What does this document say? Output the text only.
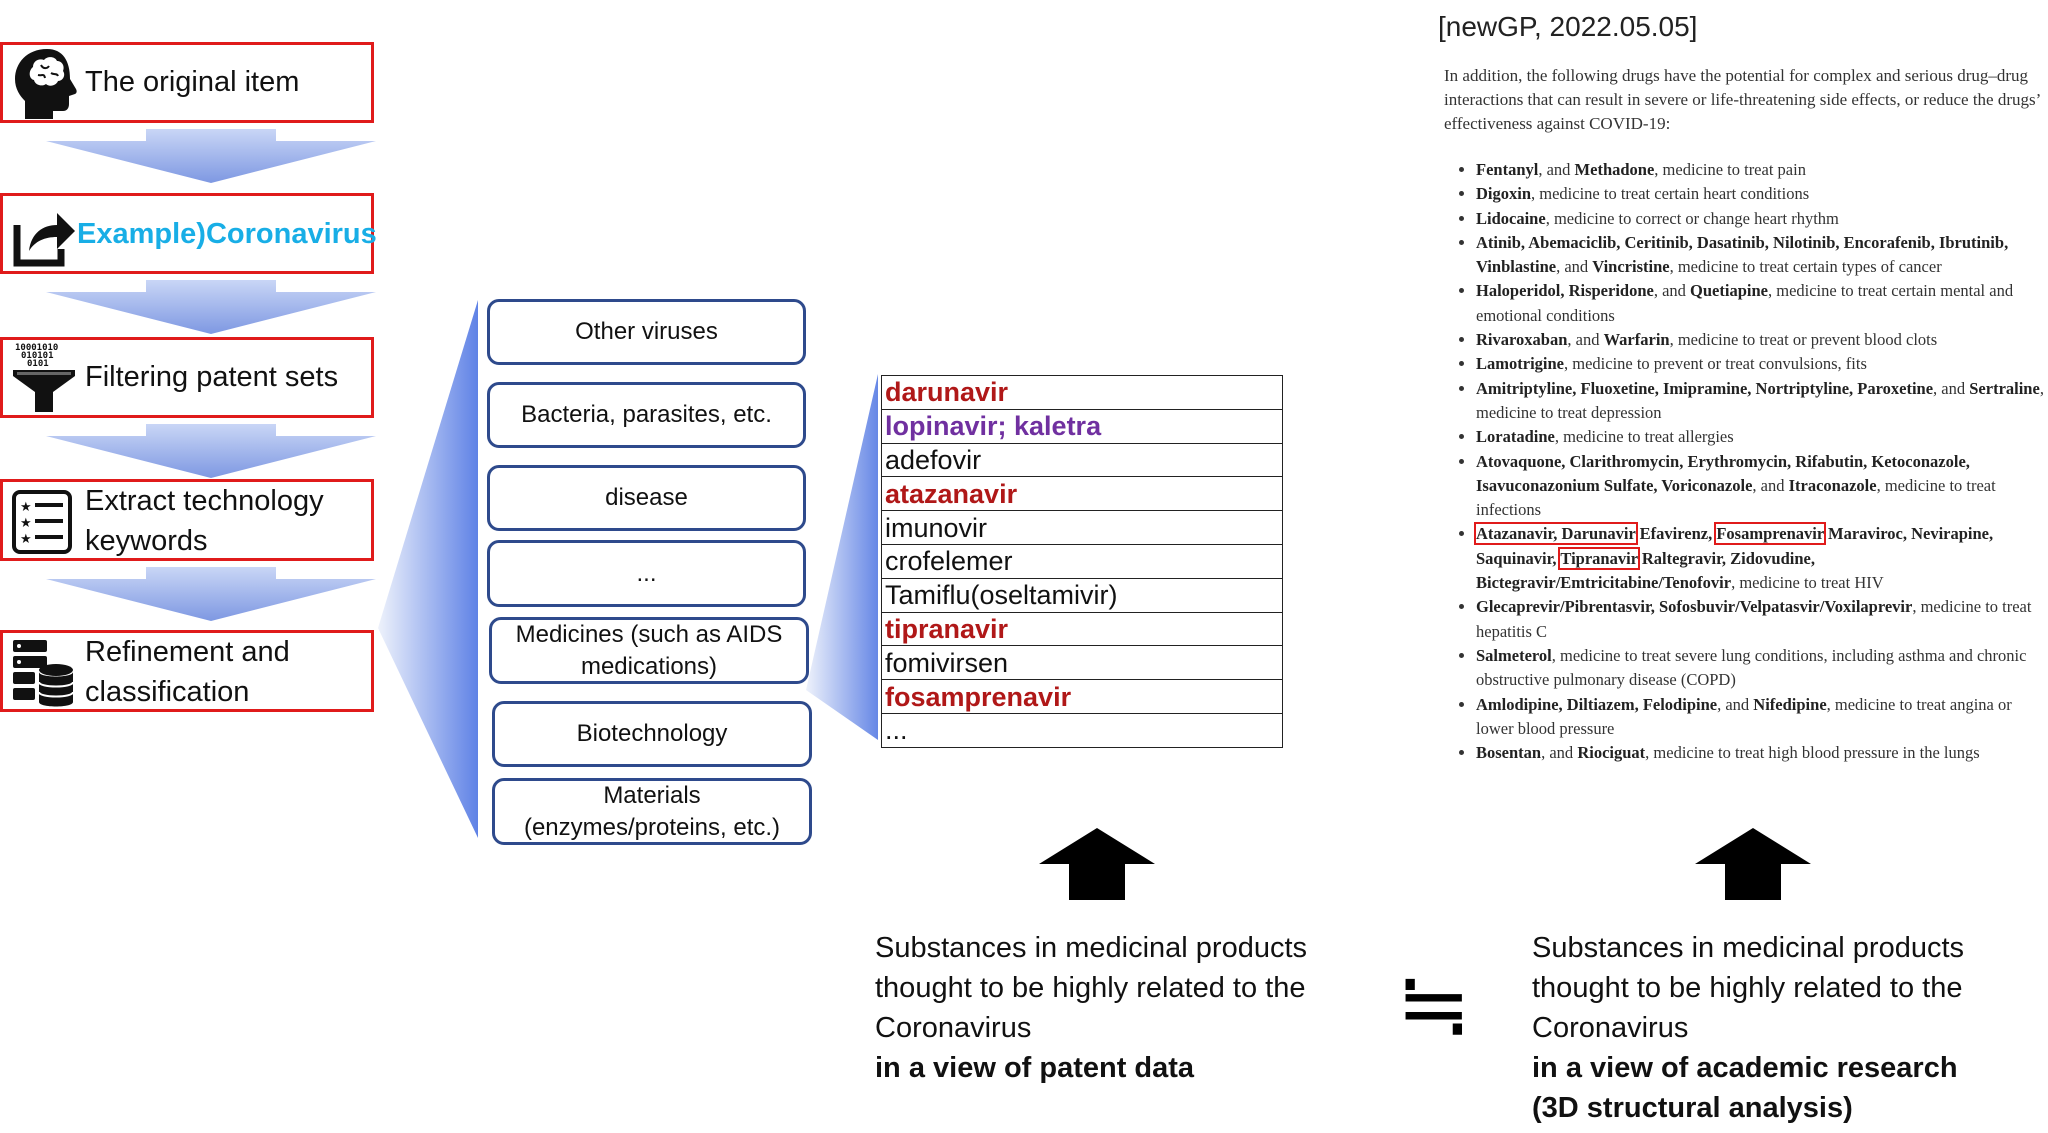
The original item
Example)Coronavirus
10001010
010101
0101 Filtering patent sets
★
★
★
Extract technology keywords
Refinement and classification
Other viruses
Bacteria, parasites, etc.
disease
...
Medicines (such as AIDS medications)
Biotechnology
Materials (enzymes/proteins, etc.)
darunavir
lopinavir; kaletra
adefovir
atazanavir
imunovir
crofelemer
Tamiflu(oseltamivir)
tipranavir
fomivirsen
fosamprenavir
...
[newGP, 2022.05.05]
In addition, the following drugs have the potential for complex and serious drug–drug interactions that can result in severe or life-threatening side effects, or reduce the drugs’ effectiveness against COVID-19:
• Fentanyl, and Methadone, medicine to treat pain
• Digoxin, medicine to treat certain heart conditions
• Lidocaine, medicine to correct or change heart rhythm
• Atinib, Abemaciclib, Ceritinib, Dasatinib, Nilotinib, Encorafenib, Ibrutinib, Vinblastine, and Vincristine, medicine to treat certain types of cancer
• Haloperidol, Risperidone, and Quetiapine, medicine to treat certain mental and emotional conditions
• Rivaroxaban, and Warfarin, medicine to treat or prevent blood clots
• Lamotrigine, medicine to prevent or treat convulsions, fits
• Amitriptyline, Fluoxetine, Imipramine, Nortriptyline, Paroxetine, and Sertraline, medicine to treat depression
• Loratadine, medicine to treat allergies
• Atovaquone, Clarithromycin, Erythromycin, Rifabutin, Ketoconazole, Isavuconazonium Sulfate, Voriconazole, and Itraconazole, medicine to treat infections
• Atazanavir, Darunavir Efavirenz, Fosamprenavir Maraviroc, Nevirapine, Saquinavir, Tipranavir Raltegravir, Zidovudine, Bictegravir/Emtricitabine/Tenofovir, medicine to treat HIV
• Glecaprevir/Pibrentasvir, Sofosbuvir/Velpatasvir/Voxilaprevir, medicine to treat hepatitis C
• Salmeterol, medicine to treat severe lung conditions, including asthma and chronic obstructive pulmonary disease (COPD)
• Amlodipine, Diltiazem, Felodipine, and Nifedipine, medicine to treat angina or lower blood pressure
• Bosentan, and Riociguat, medicine to treat high blood pressure in the lungs
Substances in medicinal products
thought to be highly related to the
Coronavirus
in a view of patent data
≒
Substances in medicinal products
thought to be highly related to the
Coronavirus
in a view of academic research
(3D structural analysis)
